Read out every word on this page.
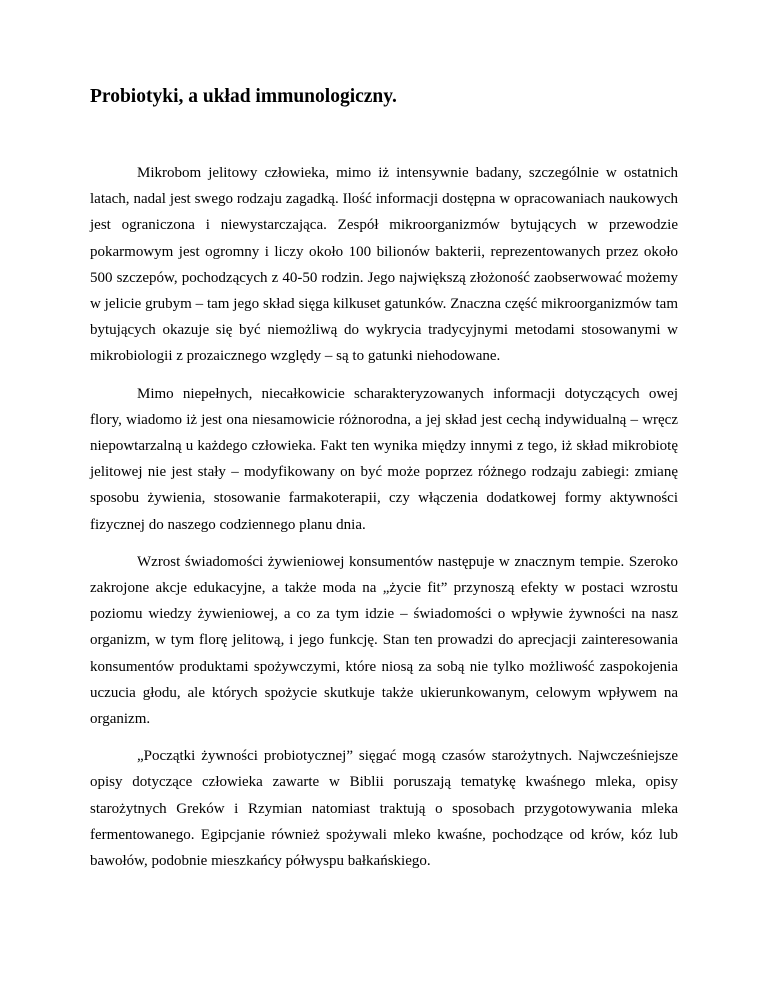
Probiotyki, a układ immunologiczny.

Mikrobom jelitowy człowieka, mimo iż intensywnie badany, szczególnie w ostatnich latach, nadal jest swego rodzaju zagadką. Ilość informacji dostępna w opracowaniach naukowych jest ograniczona i niewystarczająca. Zespół mikroorganizmów bytujących w przewodzie pokarmowym jest ogromny i liczy około 100 bilionów bakterii, reprezentowanych przez około 500 szczepów, pochodzących z 40-50 rodzin. Jego największą złożoność zaobserwować możemy w jelicie grubym – tam jego skład sięga kilkuset gatunków. Znaczna część mikroorganizmów tam bytujących okazuje się być niemożliwą do wykrycia tradycyjnymi metodami stosowanymi w mikrobiologii z prozaicznego względy – są to gatunki niehodowane.

Mimo niepełnych, niecałkowicie scharakteryzowanych informacji dotyczących owej flory, wiadomo iż jest ona niesamowicie różnorodna, a jej skład jest cechą indywidualną – wręcz niepowtarzalną u każdego człowieka. Fakt ten wynika między innymi z tego, iż skład mikrobiotę jelitowej nie jest stały – modyfikowany on być może poprzez różnego rodzaju zabiegi: zmianę sposobu żywienia, stosowanie farmakoterapii, czy włączenia dodatkowej formy aktywności fizycznej do naszego codziennego planu dnia.

Wzrost świadomości żywieniowej konsumentów następuje w znacznym tempie. Szeroko zakrojone akcje edukacyjne, a także moda na „życie fit” przynoszą efekty w postaci wzrostu poziomu wiedzy żywieniowej, a co za tym idzie – świadomości o wpływie żywności na nasz organizm, w tym florę jelitową, i jego funkcję. Stan ten prowadzi do aprecjacji zainteresowania konsumentów produktami spożywczymi, które niosą za sobą nie tylko możliwość zaspokojenia uczucia głodu, ale których spożycie skutkuje także ukierunkowanym, celowym wpływem na organizm.

„Początki żywności probiotycznej” sięgać mogą czasów starożytnych. Najwcześniejsze opisy dotyczące człowieka zawarte w Biblii poruszają tematykę kwaśnego mleka, opisy starożytnych Greków i Rzymian natomiast traktują o sposobach przygotowywania mleka fermentowanego. Egipcjanie również spożywali mleko kwaśne, pochodzące od krów, kóz lub bawołów, podobnie mieszkańcy półwyspu bałkańskiego.
